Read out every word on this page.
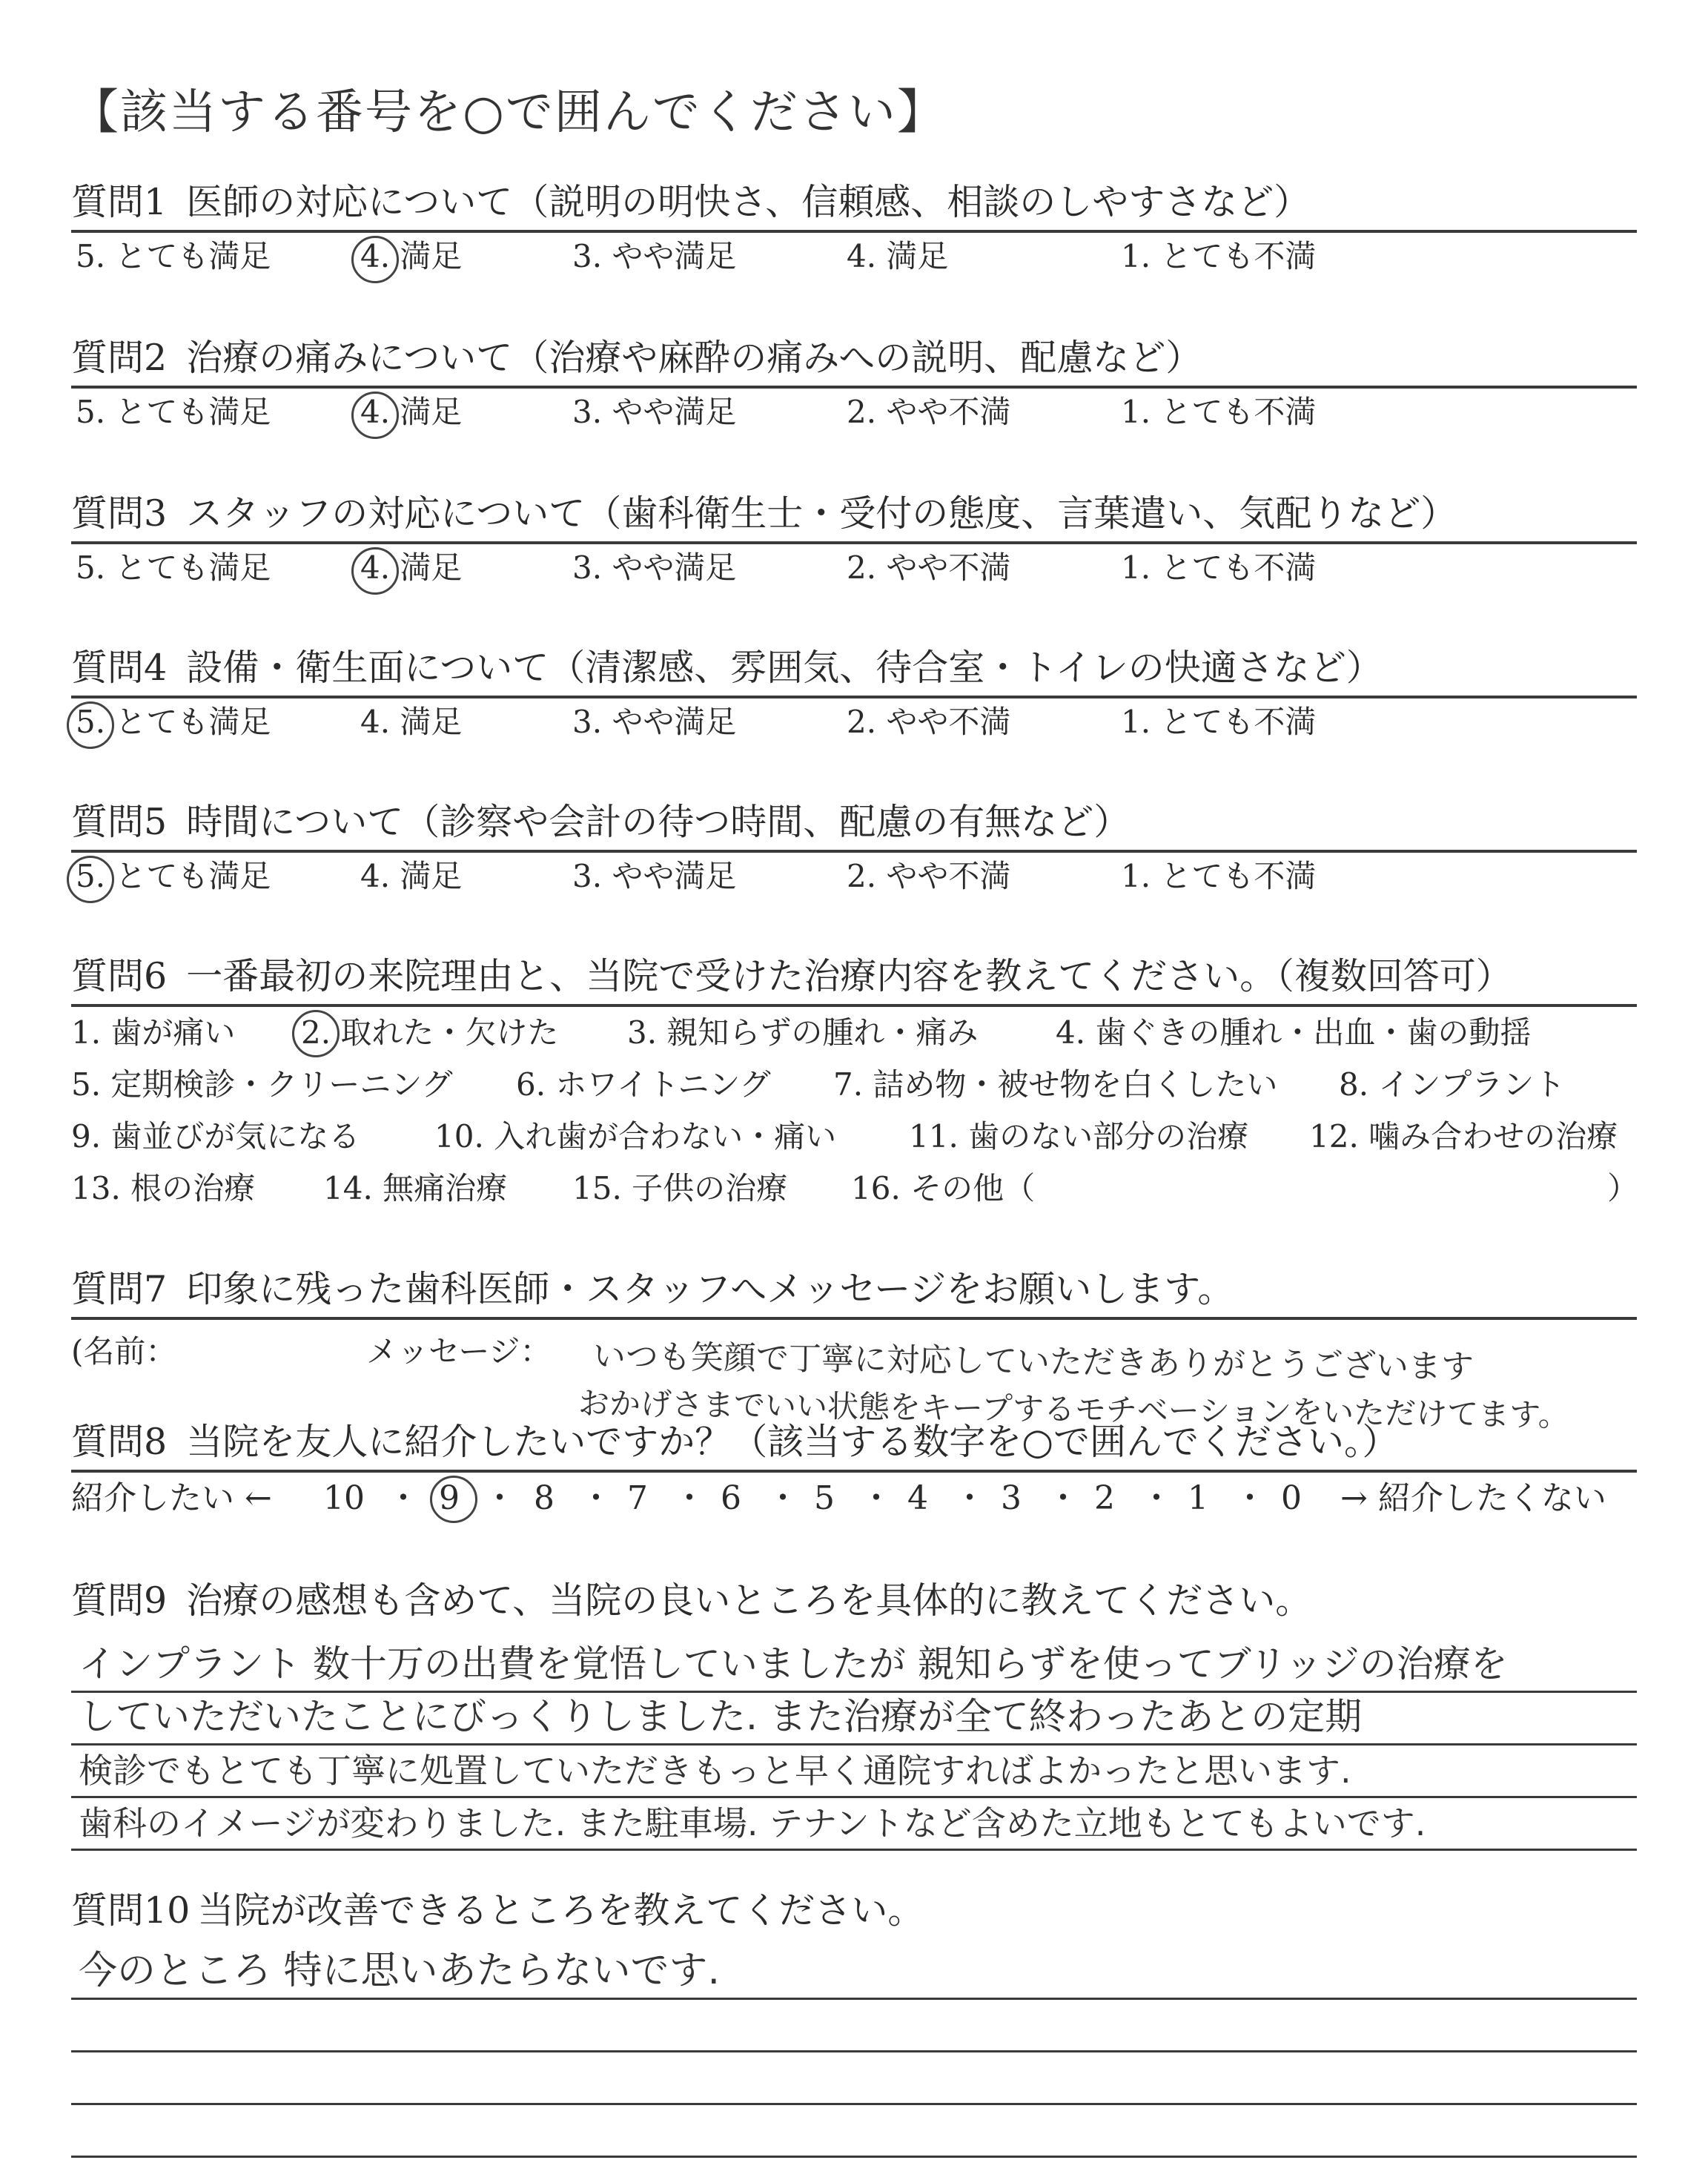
【該当する番号を○で囲んでください】
質問1 医師の対応について（説明の明快さ、信頼感、相談のしやすさなど）
5. とても満足	4. 満足	3. やや満足	4. 満足	1. とても不満
質問2 治療の痛みについて（治療や麻酔の痛みへの説明、配慮など）
5. とても満足	4. 満足	3. やや満足	2. やや不満	1. とても不満
質問3 スタッフの対応について（歯科衛生士・受付の態度、言葉遣い、気配りなど）
5. とても満足	4. 満足	3. やや満足	2. やや不満	1. とても不満
質問4 設備・衛生面について（清潔感、雰囲気、待合室・トイレの快適さなど）
5. とても満足	4. 満足	3. やや満足	2. やや不満	1. とても不満
質問5 時間について（診察や会計の待つ時間、配慮の有無など）
5. とても満足	4. 満足	3. やや満足	2. やや不満	1. とても不満
質問6 一番最初の来院理由と、当院で受けた治療内容を教えてください。（複数回答可）
1. 歯が痛い 2. 取れた・欠けた 3. 親知らずの腫れ・痛み 4. 歯ぐきの腫れ・出血・歯の動揺
5. 定期検診・クリーニング 6. ホワイトニング 7. 詰め物・被せ物を白くしたい 8. インプラント
9. 歯並びが気になる 10. 入れ歯が合わない・痛い 11. 歯のない部分の治療 12. 噛み合わせの治療
13. 根の治療 14. 無痛治療 15. 子供の治療 16. その他（	）
質問7 印象に残った歯科医師・スタッフへメッセージをお願いします。
(名前：	メッセージ： いつも笑顔で丁寧に対応していただきありがとうございます
おかげさまでいい状態をキープするモチベーションをいただけてます。
質問8 当院を友人に紹介したいですか？（該当する数字を○で囲んでください。）
紹介したい ← 10 ・ 9 ・ 8 ・ 7 ・ 6 ・ 5 ・ 4 ・ 3 ・ 2 ・ 1 ・ 0 → 紹介したくない
質問9 治療の感想も含めて、当院の良いところを具体的に教えてください。
インプラント 数十万の出費を覚悟していましたが 親知らずを使ってブリッジの治療を
していただいたことにびっくりしました. また治療が全て終わったあとの定期
検診でもとても丁寧に処置していただきもっと早く通院すればよかったと思います.
歯科のイメージが変わりました. また駐車場. テナントなど含めた立地もとてもよいです.
質問10 当院が改善できるところを教えてください。
今のところ 特に思いあたらないです.
